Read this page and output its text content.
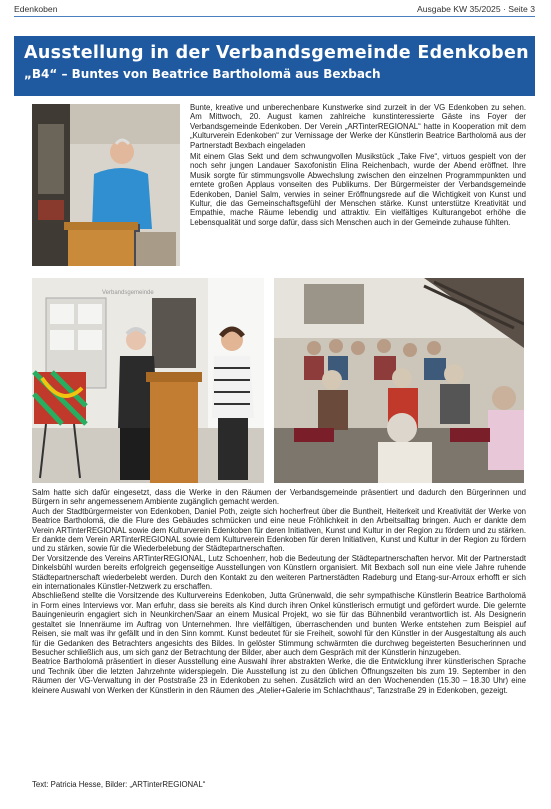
Edenkoben	Ausgabe KW 35/2025 · Seite 3
Ausstellung in der Verbandsgemeinde Edenkoben
„B4“ – Buntes von Beatrice Bartholomä aus Bexbach

Bunte, kreative und unberechenbare Kunstwerke sind zurzeit in der VG Edenkoben zu sehen. Am Mittwoch, 20. August kamen zahlreiche kunstinteressierte Gäste ins Foyer der Verbandsgemeinde Edenkoben. Der Verein „ARTinterREGIONAL“ hatte in Kooperation mit dem „Kulturverein Edenkoben“ zur Vernissage der Werke der Künstlerin Beatrice Bartholomä aus der Partnerstadt Bexbach eingeladen

Mit einem Glas Sekt und dem schwungvollen Musikstück „Take Five“, virtuos gespielt von der noch sehr jungen Landauer Saxofonistin Elina Reichenbach, wurde der Abend eröffnet. Ihre Musik sorgte für stimmungsvolle Abwechslung zwischen den einzelnen Programmpunkten und erntete großen Applaus vonseiten des Publikums. Der Bürgermeister der Verbandsgemeinde Edenkoben, Daniel Salm, verwies in seiner Eröffnungsrede auf die Wichtigkeit von Kunst und Kultur, die das Gemeinschaftsgefühl der Menschen stärke. Kunst unterstütze Kreativität und Empathie, mache Räume lebendig und attraktiv. Ein vielfältiges Kulturangebot erhöhe die Lebensqualität und sorge dafür, dass sich Menschen auch in der Gemeinde zuhause fühlten.

Verbandsgemeinde

Salm hatte sich dafür eingesetzt, dass die Werke in den Räumen der Verbandsgemeinde präsentiert und dadurch den Bürgerinnen und Bürgern in sehr angemessenem Ambiente zugänglich gemacht werden.

Auch der Stadtbürgermeister von Edenkoben, Daniel Poth, zeigte sich hocherfreut über die Buntheit, Heiterkeit und Kreativität der Werke von Beatrice Bartholomä, die die Flure des Gebäudes schmücken und eine neue Fröhlichkeit in den Arbeitsalltag bringen. Auch er dankte dem Verein ARTinterREGIONAL sowie dem Kulturverein Edenkoben für deren Initiativen, Kunst und Kultur in der Region zu fördern und zu stärken. Er dankte dem Verein ARTinterREGIONAL sowie dem Kulturverein Edenkoben für deren Initiativen, Kunst und Kultur in der Region zu fördern und zu stärken, sowie für die Wiederbelebung der Städtepartnerschaften.

Der Vorsitzende des Vereins ARTinterREGIONAL, Lutz Schoenherr, hob die Bedeutung der Städtepartnerschaften hervor. Mit der Partnerstadt Dinkelsbühl wurden bereits erfolgreich gegenseitige Ausstellungen von Künstlern organisiert. Mit Bexbach soll nun eine viele Jahre ruhende Städtepartnerschaft wiederbelebt werden. Durch den Kontakt zu den weiteren Partnerstädten Radeburg und Etang-sur-Arroux erhofft er sich ein internationales Künstler-Netzwerk zu erschaffen.

Abschließend stellte die Vorsitzende des Kulturvereins Edenkoben, Jutta Grünenwald, die sehr sympathische Künstlerin Beatrice Bartholomä in Form eines Interviews vor. Man erfuhr, dass sie bereits als Kind durch ihren Onkel künstlerisch ermutigt und gefördert wurde. Die gelernte Bauingenieurin engagiert sich in Neunkirchen/Saar an einem Musical Projekt, wo sie für das Bühnenbild verantwortlich ist. Als Designerin gestaltet sie Innenräume im Auftrag von Unternehmen. Ihre vielfältigen, überraschenden und bunten Werke entstehen zum Beispiel auf Reisen, sie malt was ihr gefällt und in den Sinn kommt. Kunst bedeutet für sie Freiheit, sowohl für den Künstler in der Ausgestaltung als auch für die Gedanken des Betrachters angesichts des Bildes. In gelöster Stimmung schwärmten die durchweg begeisterten Besucherinnen und Besucher schließlich aus, um sich ganz der Betrachtung der Bilder, aber auch dem Gespräch mit der Künstlerin hinzugeben.

Beatrice Bartholomä präsentiert in dieser Ausstellung eine Auswahl ihrer abstrakten Werke, die die Entwicklung ihrer künstlerischen Sprache und Technik über die letzten Jahrzehnte widerspiegeln. Die Ausstellung ist zu den üblichen Öffnungszeiten bis zum 19. September in den Räumen der VG-Verwaltung in der Poststraße 23 in Edenkoben zu sehen. Zusätzlich wird an den Wochenenden (15.30 – 18.30 Uhr) eine kleinere Auswahl von Werken der Künstlerin in den Räumen des „Atelier+Galerie im Schlachthaus“, Tanzstraße 29 in Edenkoben, gezeigt.

Text: Patricia Hesse, Bilder: „ARTinterREGIONAL“
